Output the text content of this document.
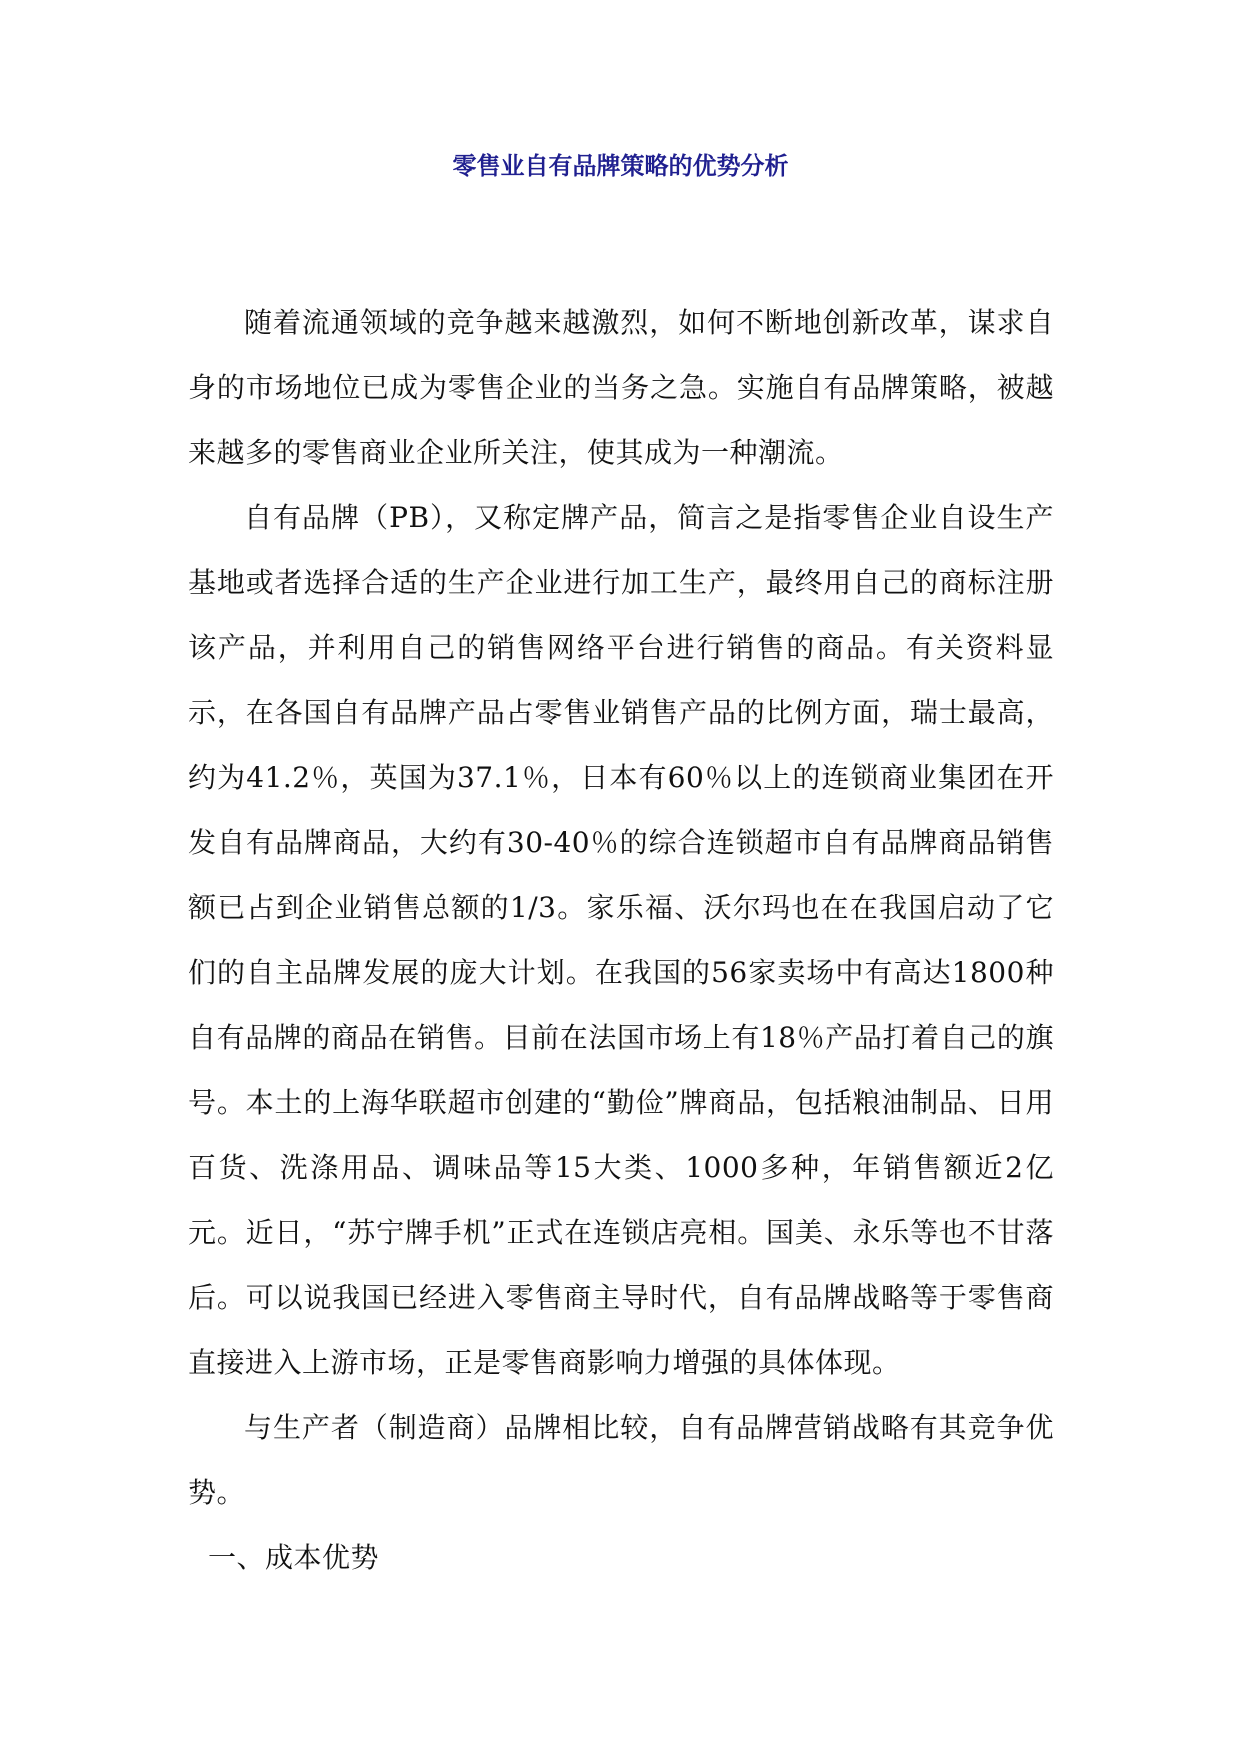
零售业自有品牌策略的优势分析

随着流通领域的竞争越来越激烈，如何不断地创新改革，谋求自身的市场地位已成为零售企业的当务之急。实施自有品牌策略，被越来越多的零售商业企业所关注，使其成为一种潮流。

自有品牌（PB），又称定牌产品，简言之是指零售企业自设生产基地或者选择合适的生产企业进行加工生产，最终用自己的商标注册该产品，并利用自己的销售网络平台进行销售的商品。有关资料显示，在各国自有品牌产品占零售业销售产品的比例方面，瑞士最高，约为41.2％，英国为37.1％，日本有60％以上的连锁商业集团在开发自有品牌商品，大约有30-40％的综合连锁超市自有品牌商品销售额已占到企业销售总额的1/3。家乐福、沃尔玛也在在我国启动了它们的自主品牌发展的庞大计划。在我国的56家卖场中有高达1800种自有品牌的商品在销售。目前在法国市场上有18％产品打着自己的旗号。本土的上海华联超市创建的“勤俭”牌商品，包括粮油制品、日用百货、洗涤用品、调味品等15大类、1000多种，年销售额近2亿元。近日，“苏宁牌手机”正式在连锁店亮相。国美、永乐等也不甘落后。可以说我国已经进入零售商主导时代，自有品牌战略等于零售商直接进入上游市场，正是零售商影响力增强的具体体现。

与生产者（制造商）品牌相比较，自有品牌营销战略有其竞争优势。

一、成本优势
